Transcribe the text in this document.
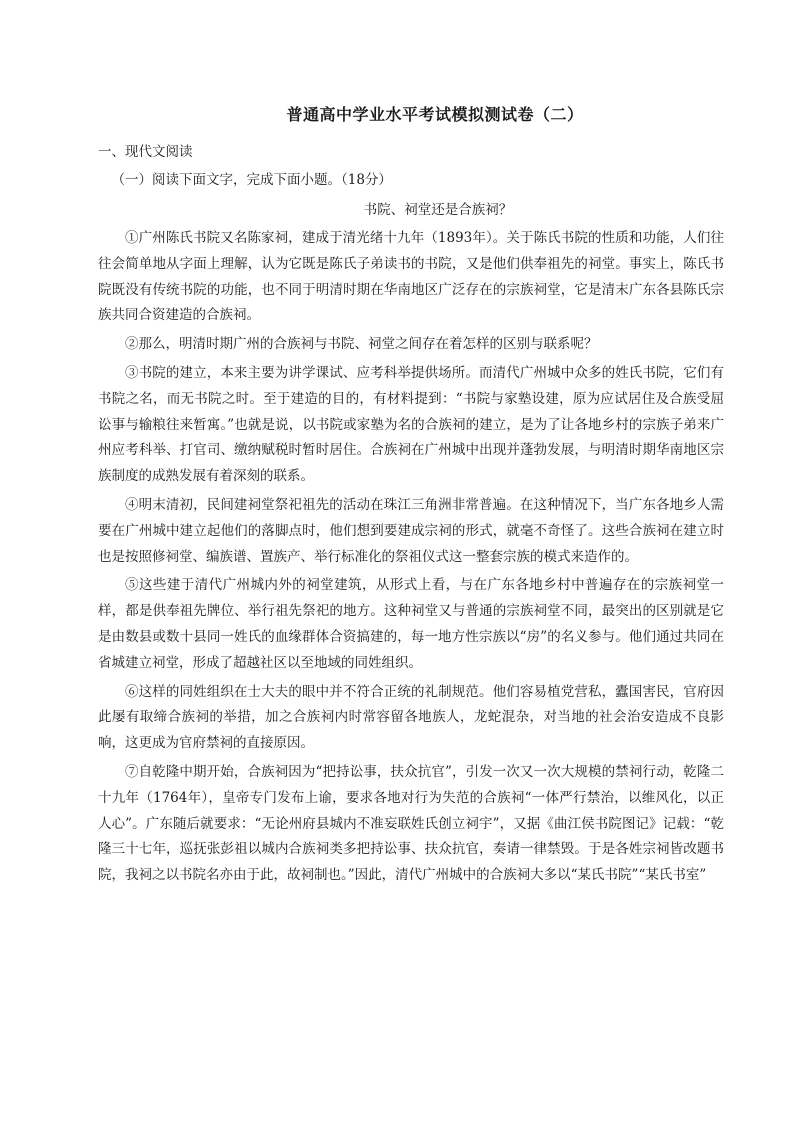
普通高中学业水平考试模拟测试卷（二）

一、现代文阅读

（一）阅读下面文字，完成下面小题。（18分）

书院、祠堂还是合族祠？

①广州陈氏书院又名陈家祠，建成于清光绪十九年（1893年）。关于陈氏书院的性质和功能，人们往往会简单地从字面上理解，认为它既是陈氏子弟读书的书院，又是他们供奉祖先的祠堂。事实上，陈氏书院既没有传统书院的功能，也不同于明清时期在华南地区广泛存在的宗族祠堂，它是清末广东各县陈氏宗族共同合资建造的合族祠。

②那么，明清时期广州的合族祠与书院、祠堂之间存在着怎样的区别与联系呢？

③书院的建立，本来主要为讲学课试、应考科举提供场所。而清代广州城中众多的姓氏书院，它们有书院之名，而无书院之时。至于建造的目的，有材料提到：“书院与家塾设建，原为应试居住及合族受屈讼事与输粮往来暂寓。”也就是说，以书院或家塾为名的合族祠的建立，是为了让各地乡村的宗族子弟来广州应考科举、打官司、缴纳赋税时暂时居住。合族祠在广州城中出现并蓬勃发展，与明清时期华南地区宗族制度的成熟发展有着深刻的联系。

④明末清初，民间建祠堂祭祀祖先的活动在珠江三角洲非常普遍。在这种情况下，当广东各地乡人需要在广州城中建立起他们的落脚点时，他们想到要建成宗祠的形式，就毫不奇怪了。这些合族祠在建立时也是按照修祠堂、编族谱、置族产、举行标准化的祭祖仪式这一整套宗族的模式来造作的。

⑤这些建于清代广州城内外的祠堂建筑，从形式上看，与在广东各地乡村中普遍存在的宗族祠堂一样，都是供奉祖先牌位、举行祖先祭祀的地方。这种祠堂又与普通的宗族祠堂不同，最突出的区别就是它是由数县或数十县同一姓氏的血缘群体合资搞建的，每一地方性宗族以“房”的名义参与。他们通过共同在省城建立祠堂，形成了超越社区以至地域的同姓组织。

⑥这样的同姓组织在士大夫的眼中并不符合正统的礼制规范。他们容易植党营私，蠹国害民，官府因此屡有取缔合族祠的举措，加之合族祠内时常容留各地族人，龙蛇混杂，对当地的社会治安造成不良影响，这更成为官府禁祠的直接原因。

⑦自乾隆中期开始，合族祠因为“把持讼事，扶众抗官”，引发一次又一次大规模的禁祠行动，乾隆二十九年（1764年），皇帝专门发布上谕，要求各地对行为失范的合族祠“一体严行禁治，以维风化，以正人心”。广东随后就要求：“无论州府县城内不准妄联姓氏创立祠宇”，又据《曲江侯书院图记》记载：“乾隆三十七年，巡抚张彭祖以城内合族祠类多把持讼事、扶众抗官，奏请一律禁毁。于是各姓宗祠皆改题书院，我祠之以书院名亦由于此，故祠制也。”因此，清代广州城中的合族祠大多以“某氏书院”“某氏书室”
